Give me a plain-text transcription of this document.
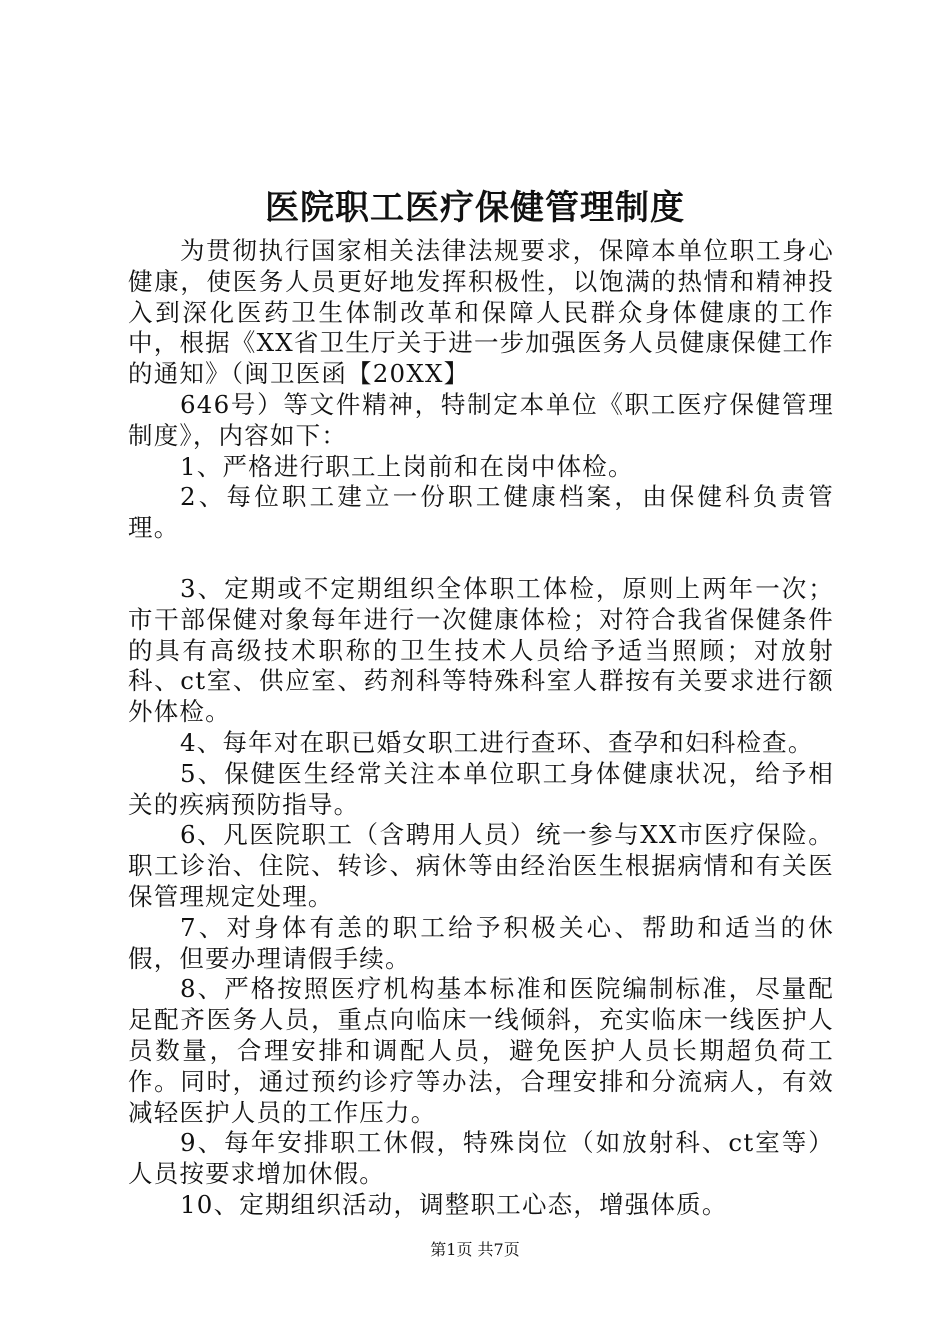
医院职工医疗保健管理制度

为贯彻执行国家相关法律法规要求，保障本单位职工身心健康，使医务人员更好地发挥积极性，以饱满的热情和精神投入到深化医药卫生体制改革和保障人民群众身体健康的工作中，根据《XX省卫生厅关于进一步加强医务人员健康保健工作的通知》（闽卫医函【20XX】

646号）等文件精神，特制定本单位《职工医疗保健管理制度》，内容如下：

1、严格进行职工上岗前和在岗中体检。

2、每位职工建立一份职工健康档案，由保健科负责管理。

3、定期或不定期组织全体职工体检，原则上两年一次；市干部保健对象每年进行一次健康体检；对符合我省保健条件的具有高级技术职称的卫生技术人员给予适当照顾；对放射科、ct室、供应室、药剂科等特殊科室人群按有关要求进行额外体检。

4、每年对在职已婚女职工进行查环、查孕和妇科检查。

5、保健医生经常关注本单位职工身体健康状况，给予相关的疾病预防指导。

6、凡医院职工（含聘用人员）统一参与XX市医疗保险。职工诊治、住院、转诊、病休等由经治医生根据病情和有关医保管理规定处理。

7、对身体有恙的职工给予积极关心、帮助和适当的休假，但要办理请假手续。

8、严格按照医疗机构基本标准和医院编制标准，尽量配足配齐医务人员，重点向临床一线倾斜，充实临床一线医护人员数量，合理安排和调配人员，避免医护人员长期超负荷工作。同时，通过预约诊疗等办法，合理安排和分流病人，有效减轻医护人员的工作压力。

9、每年安排职工休假，特殊岗位（如放射科、ct室等）人员按要求增加休假。

10、定期组织活动，调整职工心态，增强体质。

第1页 共7页
